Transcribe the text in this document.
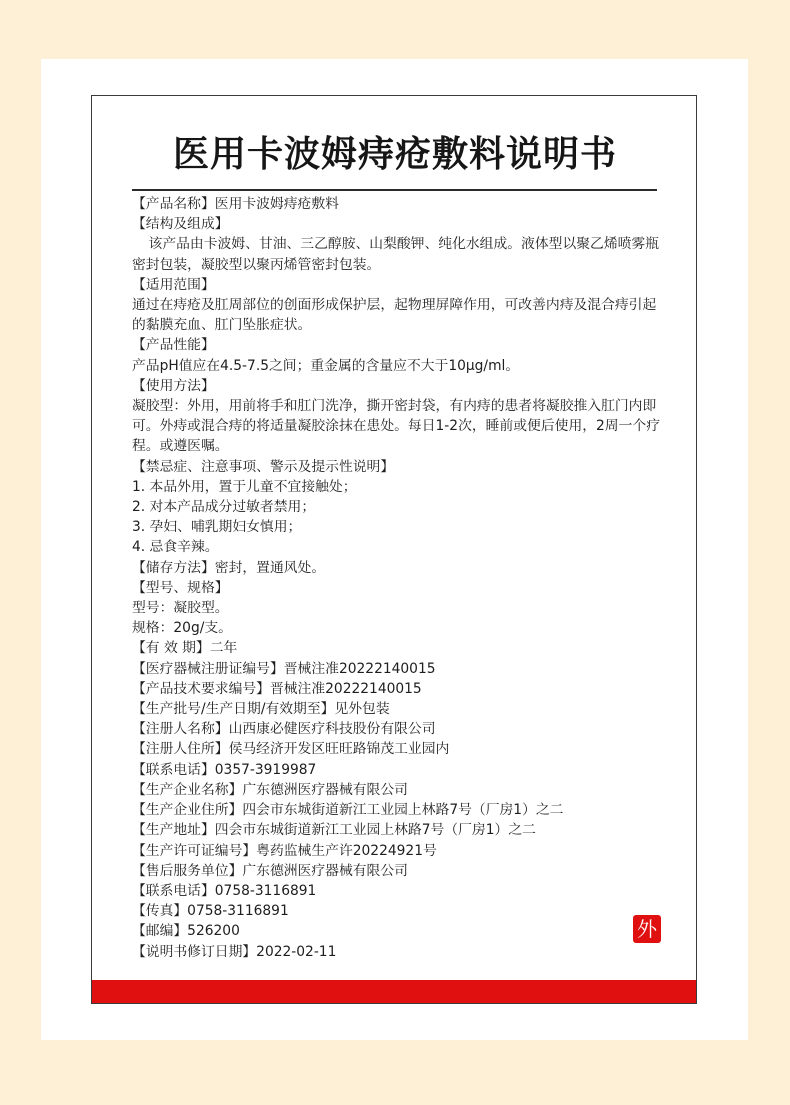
医用卡波姆痔疮敷料说明书

【产品名称】医用卡波姆痔疮敷料

【结构及组成】

该产品由卡波姆、甘油、三乙醇胺、山梨酸钾、纯化水组成。液体型以聚乙烯喷雾瓶密封包装，凝胶型以聚丙烯管密封包装。

【适用范围】

通过在痔疮及肛周部位的创面形成保护层，起物理屏障作用，可改善内痔及混合痔引起的黏膜充血、肛门坠胀症状。

【产品性能】

产品pH值应在4.5-7.5之间；重金属的含量应不大于10µg/ml。

【使用方法】

凝胶型：外用，用前将手和肛门洗净，撕开密封袋，有内痔的患者将凝胶推入肛门内即可。外痔或混合痔的将适量凝胶涂抹在患处。每日1-2次，睡前或便后使用，2周一个疗程。或遵医嘱。

【禁忌症、注意事项、警示及提示性说明】

1. 本品外用，置于儿童不宜接触处；

2. 对本产品成分过敏者禁用；

3. 孕妇、哺乳期妇女慎用；

4. 忌食辛辣。

【储存方法】密封，置通风处。

【型号、规格】

型号：凝胶型。

规格：20g/支。

【有 效 期】二年

【医疗器械注册证编号】晋械注准20222140015

【产品技术要求编号】晋械注准20222140015

【生产批号/生产日期/有效期至】见外包装

【注册人名称】山西康必健医疗科技股份有限公司

【注册人住所】侯马经济开发区旺旺路锦茂工业园内

【联系电话】0357-3919987

【生产企业名称】广东德洲医疗器械有限公司

【生产企业住所】四会市东城街道新江工业园上林路7号（厂房1）之二

【生产地址】四会市东城街道新江工业园上林路7号（厂房1）之二

【生产许可证编号】粤药监械生产许20224921号

【售后服务单位】广东德洲医疗器械有限公司

【联系电话】0758-3116891

【传真】0758-3116891

【邮编】526200

【说明书修订日期】2022-02-11

外
